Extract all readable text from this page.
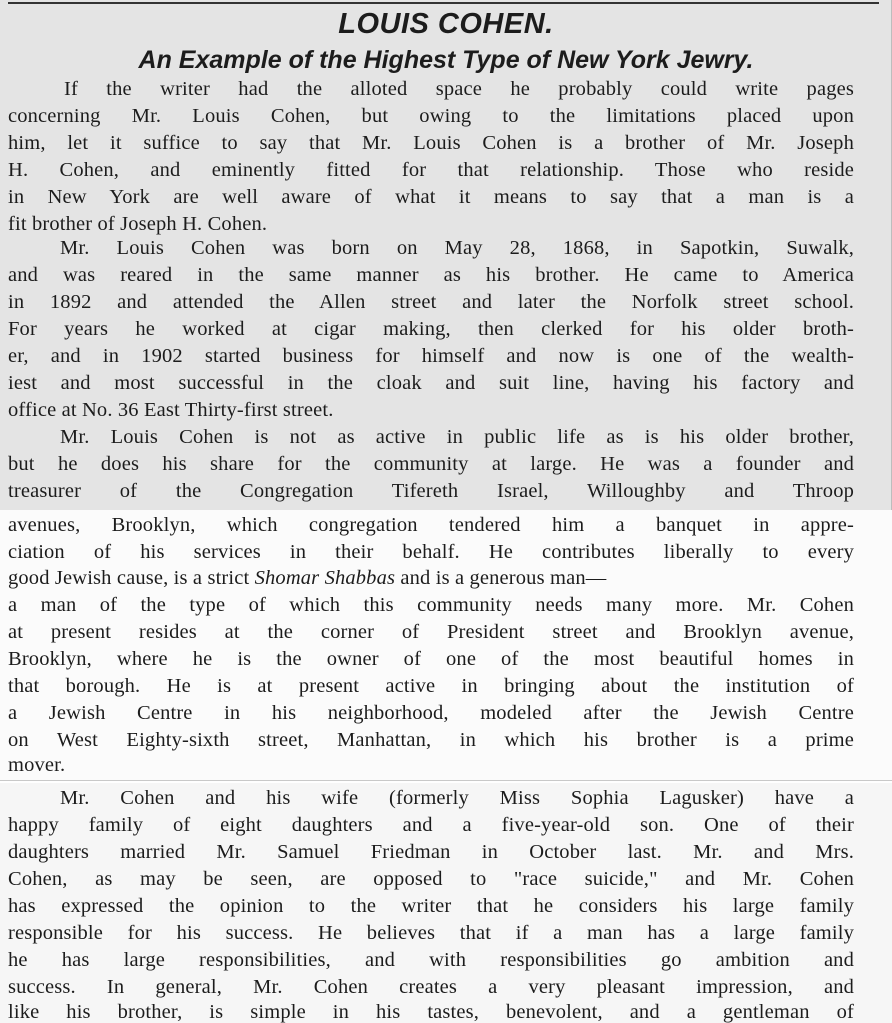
LOUIS COHEN.
An Example of the Highest Type of New York Jewry.
If the writer had the alloted space he probably could write pages
concerning Mr. Louis Cohen, but owing to the limitations placed upon
him, let it suffice to say that Mr. Louis Cohen is a brother of Mr. Joseph
H. Cohen, and eminently fitted for that relationship. Those who reside
in New York are well aware of what it means to say that a man is a
fit brother of Joseph H. Cohen.
Mr. Louis Cohen was born on May 28, 1868, in Sapotkin, Suwalk,
and was reared in the same manner as his brother. He came to America
in 1892 and attended the Allen street and later the Norfolk street school.
For years he worked at cigar making, then clerked for his older broth-
er, and in 1902 started business for himself and now is one of the wealth-
iest and most successful in the cloak and suit line, having his factory and
office at No. 36 East Thirty-first street.
Mr. Louis Cohen is not as active in public life as is his older brother,
but he does his share for the community at large. He was a founder and
treasurer of the Congregation Tifereth Israel, Willoughby and Throop
avenues, Brooklyn, which congregation tendered him a banquet in appre-
ciation of his services in their behalf. He contributes liberally to every
good Jewish cause, is a strict Shomar Shabbas and is a generous man—
a man of the type of which this community needs many more. Mr. Cohen
at present resides at the corner of President street and Brooklyn avenue,
Brooklyn, where he is the owner of one of the most beautiful homes in
that borough. He is at present active in bringing about the institution of
a Jewish Centre in his neighborhood, modeled after the Jewish Centre
on West Eighty-sixth street, Manhattan, in which his brother is a prime
mover.
Mr. Cohen and his wife (formerly Miss Sophia Lagusker) have a
happy family of eight daughters and a five-year-old son. One of their
daughters married Mr. Samuel Friedman in October last. Mr. and Mrs.
Cohen, as may be seen, are opposed to "race suicide," and Mr. Cohen
has expressed the opinion to the writer that he considers his large family
responsible for his success. He believes that if a man has a large family
he has large responsibilities, and with responsibilities go ambition and
success. In general, Mr. Cohen creates a very pleasant impression, and
like his brother, is simple in his tastes, benevolent, and a gentleman of
